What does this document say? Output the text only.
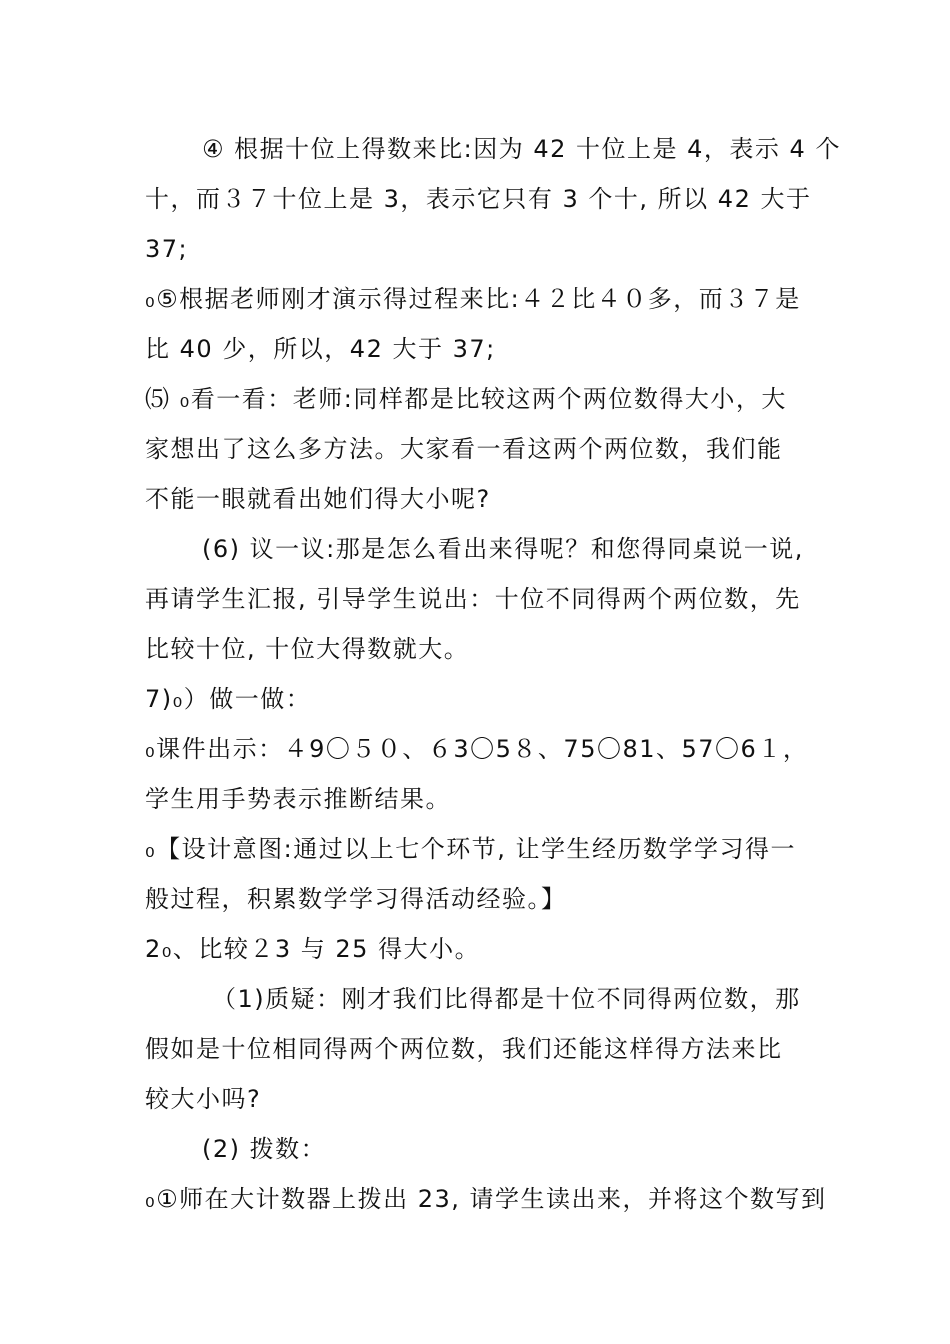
④ 根据十位上得数来比:因为 42 十位上是 4，表示 4 个
十，而３７十位上是 3，表示它只有 3 个十, 所以 42 大于
37;
₀⑤根据老师刚才演示得过程来比:４２比４０多，而３７是
比 40 少，所以，42 大于 37;
⑸ ₀看一看：老师:同样都是比较这两个两位数得大小，大
家想出了这么多方法。大家看一看这两个两位数，我们能
不能一眼就看出她们得大小呢?
(6) 议一议:那是怎么看出来得呢？和您得同桌说一说,
再请学生汇报, 引导学生说出：十位不同得两个两位数，先
比较十位, 十位大得数就大。
7)₀）做一做：
₀课件出示：４9〇５０、６3〇5８、75〇81、57〇6１，
学生用手势表示推断结果。
₀【设计意图:通过以上七个环节, 让学生经历数学学习得一
般过程，积累数学学习得活动经验。】
2₀、比较２3 与 25 得大小。
（1)质疑：刚才我们比得都是十位不同得两位数，那
假如是十位相同得两个两位数，我们还能这样得方法来比
较大小吗?
(2) 拨数：
₀①师在大计数器上拨出 23, 请学生读出来，并将这个数写到
